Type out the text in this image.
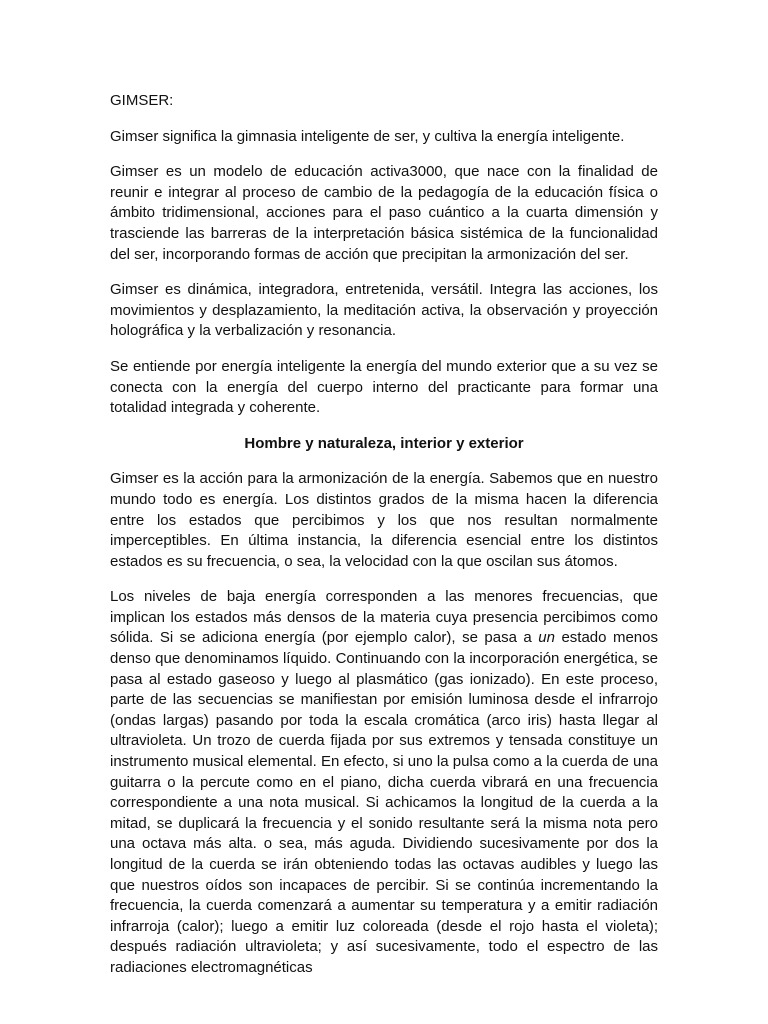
GIMSER:

Gimser significa la gimnasia inteligente de ser, y cultiva la energía inteligente.

Gimser es un modelo de educación activa3000, que nace con la finalidad de reunir e integrar al proceso de cambio de la pedagogía de la educación física o ámbito tridimensional, acciones para el paso cuántico a la cuarta dimensión y trasciende las barreras de la interpretación básica sistémica de la funcionalidad del ser, incorporando formas de acción que precipitan la armonización del ser.

Gimser es dinámica, integradora, entretenida, versátil. Integra las acciones, los movimientos y desplazamiento, la meditación activa, la observación y proyección holográfica y la verbalización y resonancia.

Se entiende por energía inteligente la energía del mundo exterior que a su vez se conecta con la energía del cuerpo interno del practicante para formar una totalidad integrada y coherente.

Hombre y naturaleza, interior y exterior

Gimser es la acción para la armonización de la energía. Sabemos que en nuestro mundo todo es energía. Los distintos grados de la misma hacen la diferencia entre los estados que percibimos y los que nos resultan normalmente imperceptibles. En última instancia, la diferencia esencial entre los distintos estados es su frecuencia, o sea, la velocidad con la que oscilan sus átomos.

Los niveles de baja energía corresponden a las menores frecuencias, que implican los estados más densos de la materia cuya presencia percibimos como sólida. Si se adiciona energía (por ejemplo calor), se pasa a un estado menos denso que denominamos líquido. Continuando con la incorporación energética, se pasa al estado gaseoso y luego al plasmático (gas ionizado). En este proceso, parte de las secuencias se manifiestan por emisión luminosa desde el infrarrojo (ondas largas) pasando por toda la escala cromática (arco iris) hasta llegar al ultravioleta. Un trozo de cuerda fijada por sus extremos y tensada constituye un instrumento musical elemental. En efecto, si uno la pulsa como a la cuerda de una guitarra o la percute como en el piano, dicha cuerda vibrará en una frecuencia correspondiente a una nota musical. Si achicamos la longitud de la cuerda a la mitad, se duplicará la frecuencia y el sonido resultante será la misma nota pero una octava más alta. o sea, más aguda. Dividiendo sucesivamente por dos la longitud de la cuerda se irán obteniendo todas las octavas audibles y luego las que nuestros oídos son incapaces de percibir. Si se continúa incrementando la frecuencia, la cuerda comenzará a aumentar su temperatura y a emitir radiación infrarroja (calor); luego a emitir luz coloreada (desde el rojo hasta el violeta); después radiación ultravioleta; y así sucesivamente, todo el espectro de las radiaciones electromagnéticas
